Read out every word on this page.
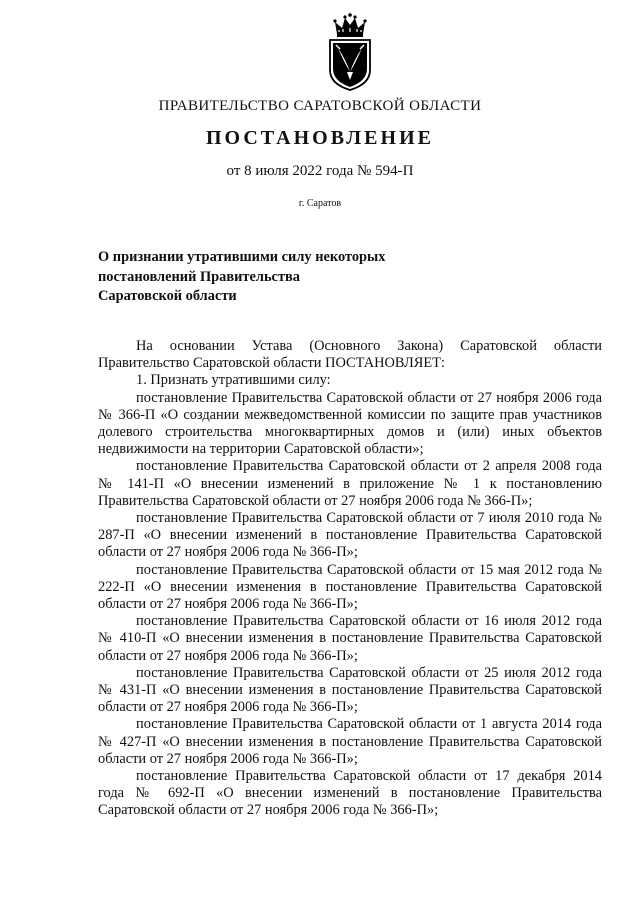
ПРАВИТЕЛЬСТВО САРАТОВСКОЙ ОБЛАСТИ
ПОСТАНОВЛЕНИЕ
от 8 июля 2022 года № 594-П
г. Саратов
О признании утратившими силу некоторых
постановлений Правительства
Саратовской области

На основании Устава (Основного Закона) Саратовской области Правительство Саратовской области ПОСТАНОВЛЯЕТ:

1. Признать утратившими силу:

постановление Правительства Саратовской области от 27 ноября 2006 года № 366-П «О создании межведомственной комиссии по защите прав участников долевого строительства многоквартирных домов и (или) иных объектов недвижимости на территории Саратовской области»;

постановление Правительства Саратовской области от 2 апреля 2008 года № 141-П «О внесении изменений в приложение № 1 к постановлению Правительства Саратовской области от 27 ноября 2006 года № 366-П»;

постановление Правительства Саратовской области от 7 июля 2010 года № 287-П «О внесении изменений в постановление Правительства Саратовской области от 27 ноября 2006 года № 366-П»;

постановление Правительства Саратовской области от 15 мая 2012 года № 222-П «О внесении изменения в постановление Правительства Саратовской области от 27 ноября 2006 года № 366-П»;

постановление Правительства Саратовской области от 16 июля 2012 года № 410-П «О внесении изменения в постановление Правительства Саратовской области от 27 ноября 2006 года № 366-П»;

постановление Правительства Саратовской области от 25 июля 2012 года № 431-П «О внесении изменения в постановление Правительства Саратовской области от 27 ноября 2006 года № 366-П»;

постановление Правительства Саратовской области от 1 августа 2014 года № 427-П «О внесении изменения в постановление Правительства Саратовской области от 27 ноября 2006 года № 366-П»;

постановление Правительства Саратовской области от 17 декабря 2014 года № 692-П «О внесении изменений в постановление Правительства Саратовской области от 27 ноября 2006 года № 366-П»;
